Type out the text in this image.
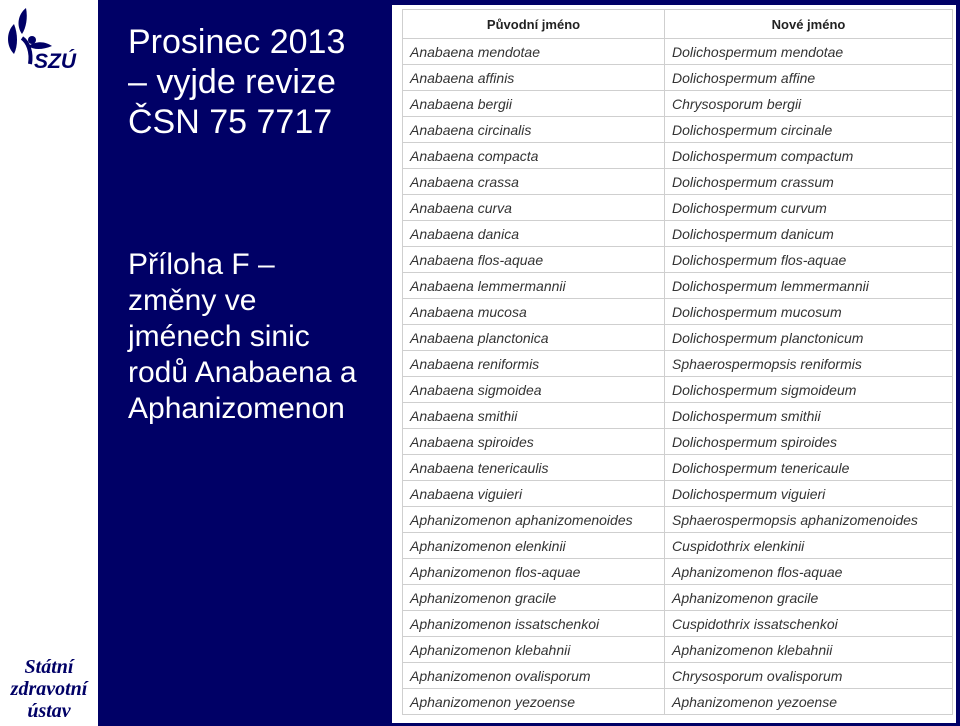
SZÚ
Státní
zdravotní
ústav
Prosinec 2013
– vyjde revize
ČSN 75 7717
Příloha F –
změny ve
jménech sinic
rodů Anabaena a
Aphanizomenon
Původní jméno	Nové jméno
Anabaena mendotae	Dolichospermum mendotae
Anabaena affinis	Dolichospermum affine
Anabaena bergii	Chrysosporum bergii
Anabaena circinalis	Dolichospermum circinale
Anabaena compacta	Dolichospermum compactum
Anabaena crassa	Dolichospermum crassum
Anabaena curva	Dolichospermum curvum
Anabaena danica	Dolichospermum danicum
Anabaena flos-aquae	Dolichospermum flos-aquae
Anabaena lemmermannii	Dolichospermum lemmermannii
Anabaena mucosa	Dolichospermum mucosum
Anabaena planctonica	Dolichospermum planctonicum
Anabaena reniformis	Sphaerospermopsis reniformis
Anabaena sigmoidea	Dolichospermum sigmoideum
Anabaena smithii	Dolichospermum smithii
Anabaena spiroides	Dolichospermum spiroides
Anabaena tenericaulis	Dolichospermum tenericaule
Anabaena viguieri	Dolichospermum viguieri
Aphanizomenon aphanizomenoides	Sphaerospermopsis aphanizomenoides
Aphanizomenon elenkinii	Cuspidothrix elenkinii
Aphanizomenon flos-aquae	Aphanizomenon flos-aquae
Aphanizomenon gracile	Aphanizomenon gracile
Aphanizomenon issatschenkoi	Cuspidothrix issatschenkoi
Aphanizomenon klebahnii	Aphanizomenon klebahnii
Aphanizomenon ovalisporum	Chrysosporum ovalisporum
Aphanizomenon yezoense	Aphanizomenon yezoense
